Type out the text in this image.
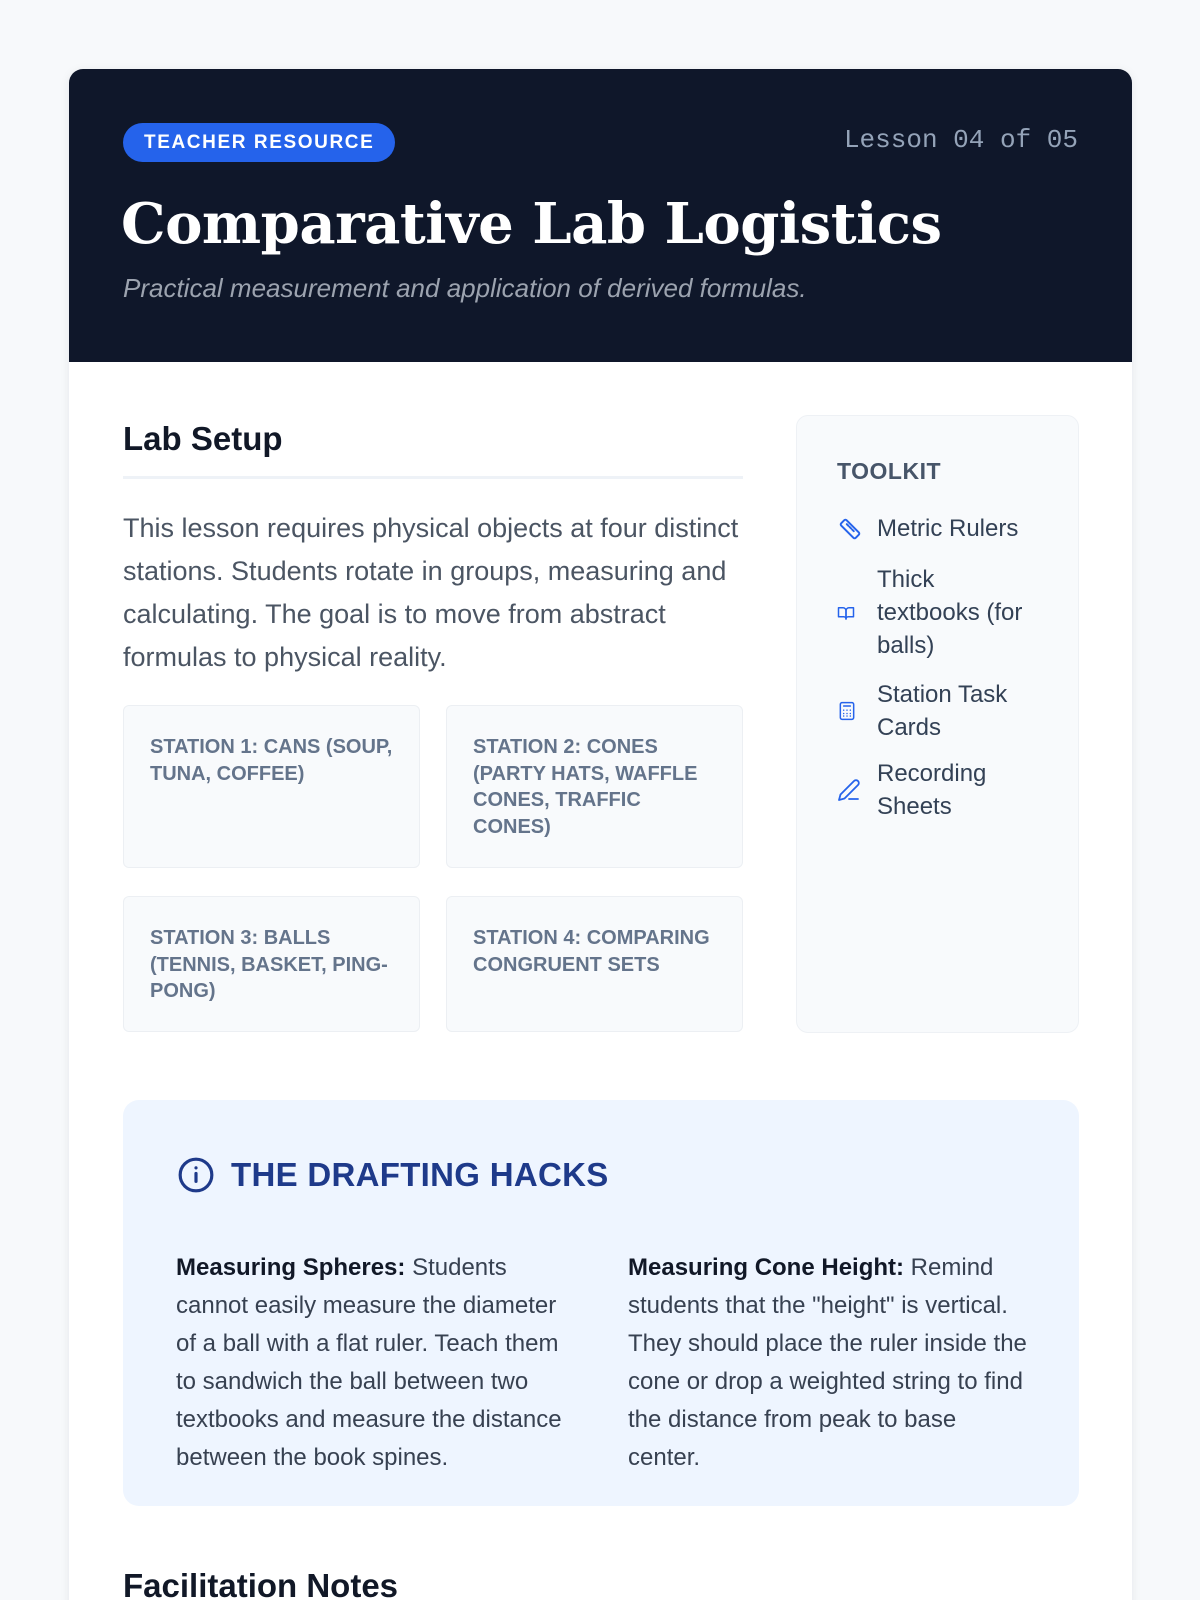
TEACHER RESOURCE	Lesson 04 of 05
Comparative Lab Logistics

Practical measurement and application of derived formulas.

Lab Setup

This lesson requires physical objects at four distinct stations. Students rotate in groups, measuring and calculating. The goal is to move from abstract formulas to physical reality.

STATION 1: CANS (SOUP, TUNA, COFFEE)
STATION 2: CONES (PARTY HATS, WAFFLE CONES, TRAFFIC CONES)
STATION 3: BALLS (TENNIS, BASKET, PING-PONG)
STATION 4: COMPARING CONGRUENT SETS
TOOLKIT
Metric Rulers
Thick textbooks (for balls)
Station Task Cards
Recording Sheets
THE DRAFTING HACKS

Measuring Spheres: Students cannot easily measure the diameter of a ball with a flat ruler. Teach them to sandwich the ball between two textbooks and measure the distance between the book spines.

Measuring Cone Height: Remind students that the "height" is vertical. They should place the ruler inside the cone or drop a weighted string to find the distance from peak to base center.

Facilitation Notes
